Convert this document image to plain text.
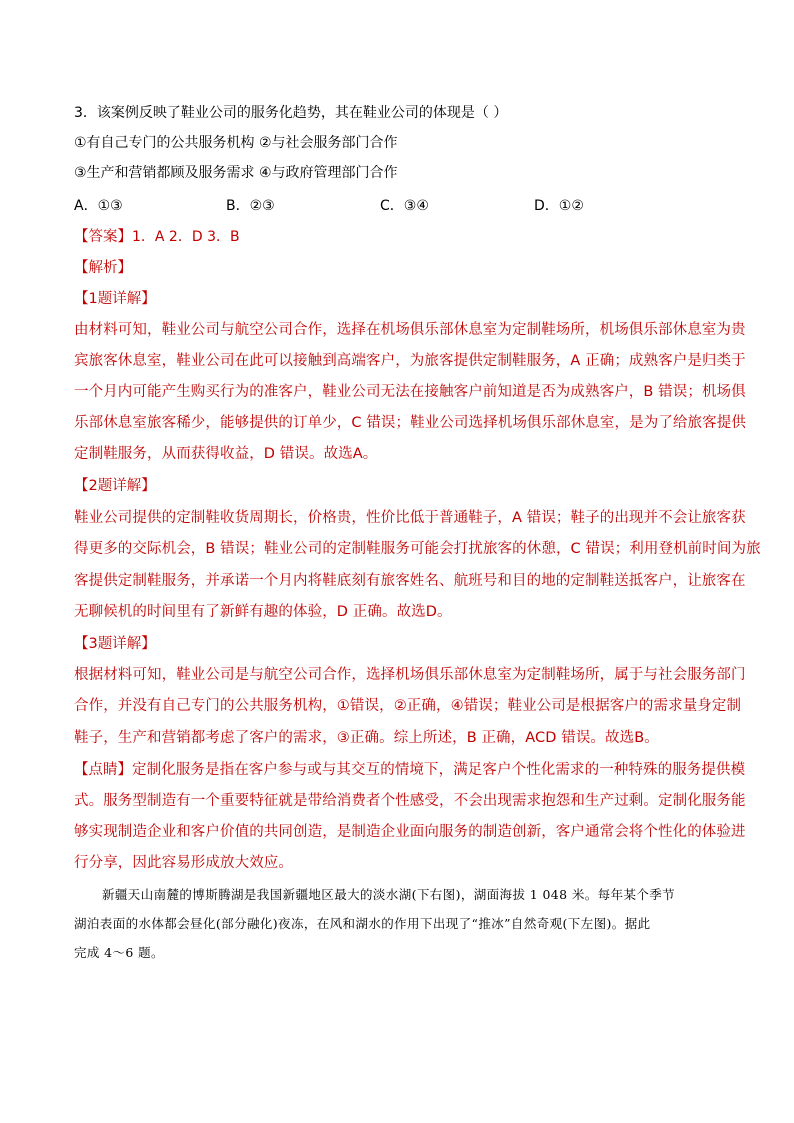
3．该案例反映了鞋业公司的服务化趋势，其在鞋业公司的体现是（ ）
①有自己专门的公共服务机构 ②与社会服务部门合作
③生产和营销都顾及服务需求 ④与政府管理部门合作
A．①③	B．②③	C．③④	D．①②
【答案】1．A 2．D 3．B
【解析】
【1题详解】
由材料可知，鞋业公司与航空公司合作，选择在机场俱乐部休息室为定制鞋场所，机场俱乐部休息室为贵
宾旅客休息室，鞋业公司在此可以接触到高端客户，为旅客提供定制鞋服务，A 正确；成熟客户是归类于
一个月内可能产生购买行为的准客户，鞋业公司无法在接触客户前知道是否为成熟客户，B 错误；机场俱
乐部休息室旅客稀少，能够提供的订单少，C 错误；鞋业公司选择机场俱乐部休息室，是为了给旅客提供
定制鞋服务，从而获得收益，D 错误。故选A。
【2题详解】
鞋业公司提供的定制鞋收货周期长，价格贵，性价比低于普通鞋子，A 错误；鞋子的出现并不会让旅客获
得更多的交际机会，B 错误；鞋业公司的定制鞋服务可能会打扰旅客的休憩，C 错误；利用登机前时间为旅
客提供定制鞋服务，并承诺一个月内将鞋底刻有旅客姓名、航班号和目的地的定制鞋送抵客户，让旅客在
无聊候机的时间里有了新鲜有趣的体验，D 正确。故选D。
【3题详解】
根据材料可知，鞋业公司是与航空公司合作，选择机场俱乐部休息室为定制鞋场所，属于与社会服务部门
合作，并没有自己专门的公共服务机构，①错误，②正确，④错误；鞋业公司是根据客户的需求量身定制
鞋子，生产和营销都考虑了客户的需求，③正确。综上所述，B 正确，ACD 错误。故选B。
【点睛】定制化服务是指在客户参与或与其交互的情境下，满足客户个性化需求的一种特殊的服务提供模
式。服务型制造有一个重要特征就是带给消费者个性感受，不会出现需求抱怨和生产过剩。定制化服务能
够实现制造企业和客户价值的共同创造，是制造企业面向服务的制造创新，客户通常会将个性化的体验进
行分享，因此容易形成放大效应。
新疆天山南麓的博斯腾湖是我国新疆地区最大的淡水湖(下右图)，湖面海拔 1 048 米。每年某个季节
湖泊表面的水体都会昼化(部分融化)夜冻，在风和湖水的作用下出现了“推冰”自然奇观(下左图)。据此
完成 4～6 题。
